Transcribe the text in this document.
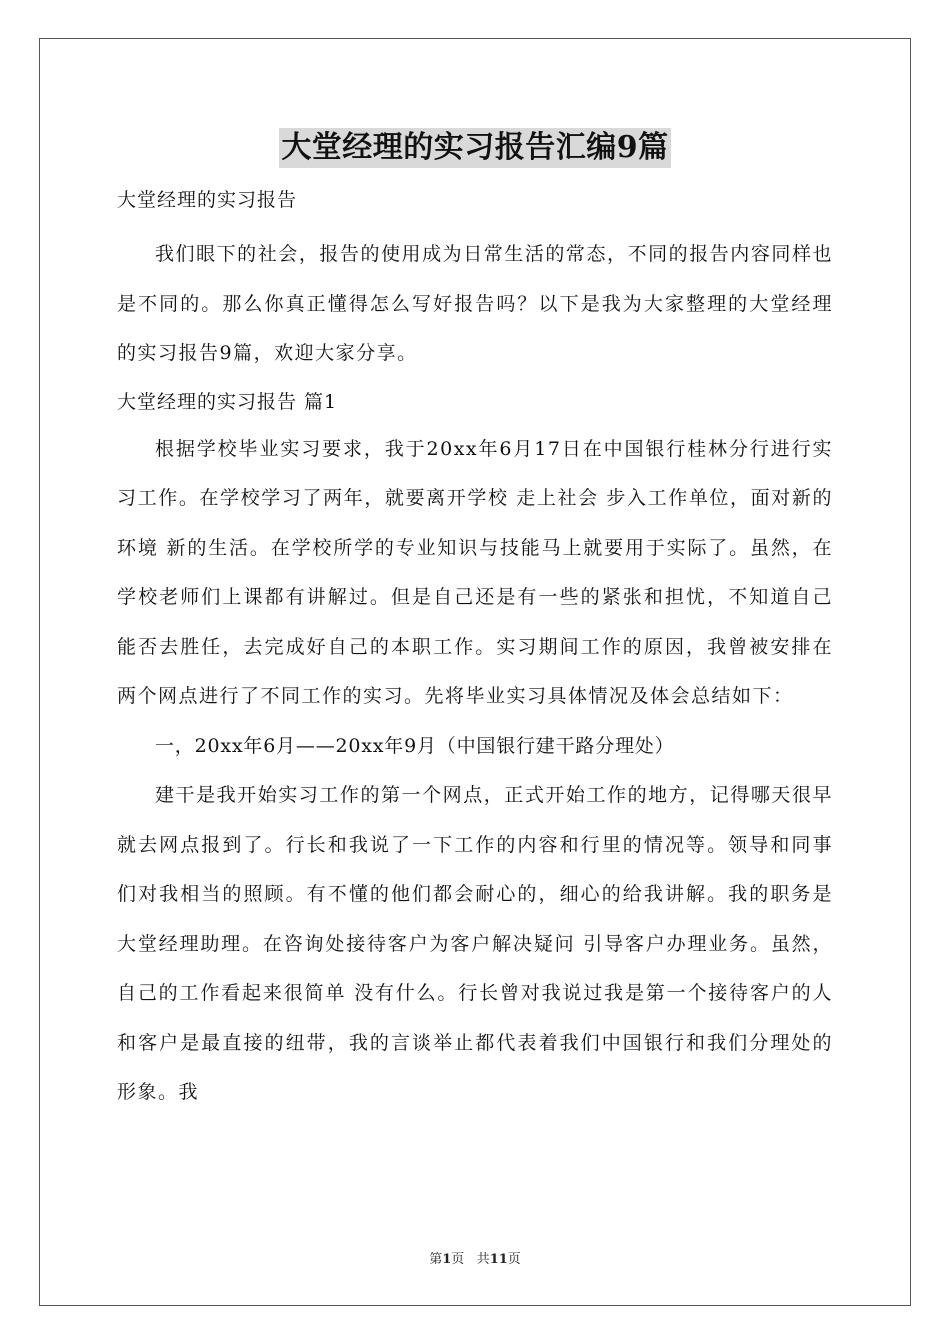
大堂经理的实习报告汇编9篇
大堂经理的实习报告
我们眼下的社会，报告的使用成为日常生活的常态，不同的报告内容同样也是不同的。那么你真正懂得怎么写好报告吗？以下是我为大家整理的大堂经理的实习报告9篇，欢迎大家分享。
大堂经理的实习报告 篇1
根据学校毕业实习要求，我于20xx年6月17日在中国银行桂林分行进行实习工作。在学校学习了两年，就要离开学校 走上社会 步入工作单位，面对新的环境 新的生活。在学校所学的专业知识与技能马上就要用于实际了。虽然，在学校老师们上课都有讲解过。但是自己还是有一些的紧张和担忧，不知道自己能否去胜任，去完成好自己的本职工作。实习期间工作的原因，我曾被安排在两个网点进行了不同工作的实习。先将毕业实习具体情况及体会总结如下：
一，20xx年6月——20xx年9月（中国银行建干路分理处）
建干是我开始实习工作的第一个网点，正式开始工作的地方，记得哪天很早就去网点报到了。行长和我说了一下工作的内容和行里的情况等。领导和同事们对我相当的照顾。有不懂的他们都会耐心的，细心的给我讲解。我的职务是大堂经理助理。在咨询处接待客户为客户解决疑问 引导客户办理业务。虽然，自己的工作看起来很简单 没有什么。行长曾对我说过我是第一个接待客户的人和客户是最直接的纽带，我的言谈举止都代表着我们中国银行和我们分理处的形象。我
第1页 共11页
